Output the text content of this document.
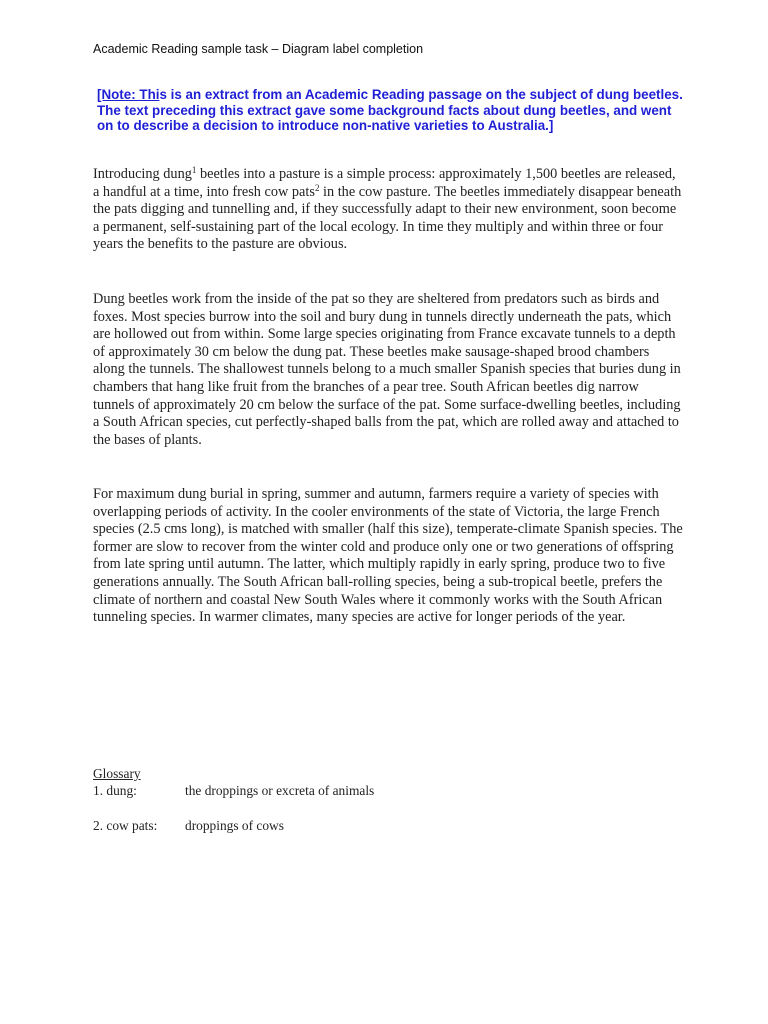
Academic Reading sample task – Diagram label completion
[Note: This is an extract from an Academic Reading passage on the subject of dung beetles. The text preceding this extract gave some background facts about dung beetles, and went on to describe a decision to introduce non-native varieties to Australia.]

Introducing dung$^1$ beetles into a pasture is a simple process: approximately 1,500 beetles are released, a handful at a time, into fresh cow pats$^2$ in the cow pasture. The beetles immediately disappear beneath the pats digging and tunnelling and, if they successfully adapt to their new environment, soon become a permanent, self-sustaining part of the local ecology. In time they multiply and within three or four years the benefits to the pasture are obvious.

Dung beetles work from the inside of the pat so they are sheltered from predators such as birds and foxes. Most species burrow into the soil and bury dung in tunnels directly underneath the pats, which are hollowed out from within. Some large species originating from France excavate tunnels to a depth of approximately 30 cm below the dung pat. These beetles make sausage-shaped brood chambers along the tunnels. The shallowest tunnels belong to a much smaller Spanish species that buries dung in chambers that hang like fruit from the branches of a pear tree. South African beetles dig narrow tunnels of approximately 20 cm below the surface of the pat. Some surface-dwelling beetles, including a South African species, cut perfectly-shaped balls from the pat, which are rolled away and attached to the bases of plants.

For maximum dung burial in spring, summer and autumn, farmers require a variety of species with overlapping periods of activity. In the cooler environments of the state of Victoria, the large French species (2.5 cms long), is matched with smaller (half this size), temperate-climate Spanish species. The former are slow to recover from the winter cold and produce only one or two generations of offspring from late spring until autumn. The latter, which multiply rapidly in early spring, produce two to five generations annually. The South African ball-rolling species, being a sub-tropical beetle, prefers the climate of northern and coastal New South Wales where it commonly works with the South African tunneling species. In warmer climates, many species are active for longer periods of the year.

Glossary
1. dung:	the droppings or excreta of animals
2. cow pats: droppings of cows
